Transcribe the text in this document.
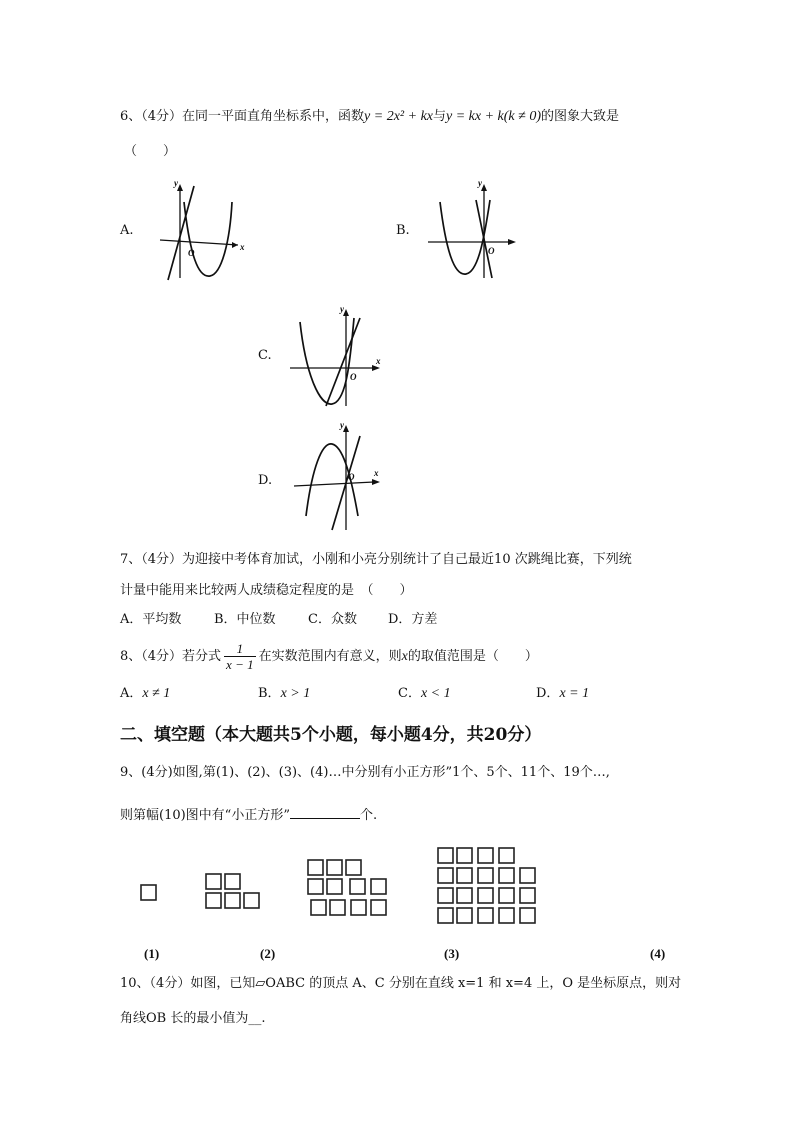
6、（4分）在同一平面直角坐标系中，函数y = 2x² + kx与y = kx + k(k ≠ 0)的图象大致是
（　　）
A.
y
x
O
B.
y
O
C.
y
x
O
D.
y
x
O
7、（4分）为迎接中考体育加试，小刚和小亮分别统计了自己最近10 次跳绳比赛，下列统
计量中能用来比较两人成绩稳定程度的是　（　　）
A．平均数	B．中位数 C．众数 D．方差
8、（4分）若分式 $\frac{1}{x - 1}$ 在实数范围内有意义，则x的取值范围是（　　）
A．x ≠ 1	B．x > 1	C．x < 1	D．x = 1
二、填空题（本大题共5个小题，每小题4分，共20分）
9、(4分)如图,第(1)、(2)、(3)、(4)…中分别有小正方形”1个、5个、11个、19个…,
则第幅(10)图中有“小正方形”	个.
(1)	(2)	(3)	(4)
10、（4分）如图，已知▱OABC 的顶点 A、C 分别在直线 x=1 和 x=4 上，O 是坐标原点，则对
角线OB 长的最小值为__.
